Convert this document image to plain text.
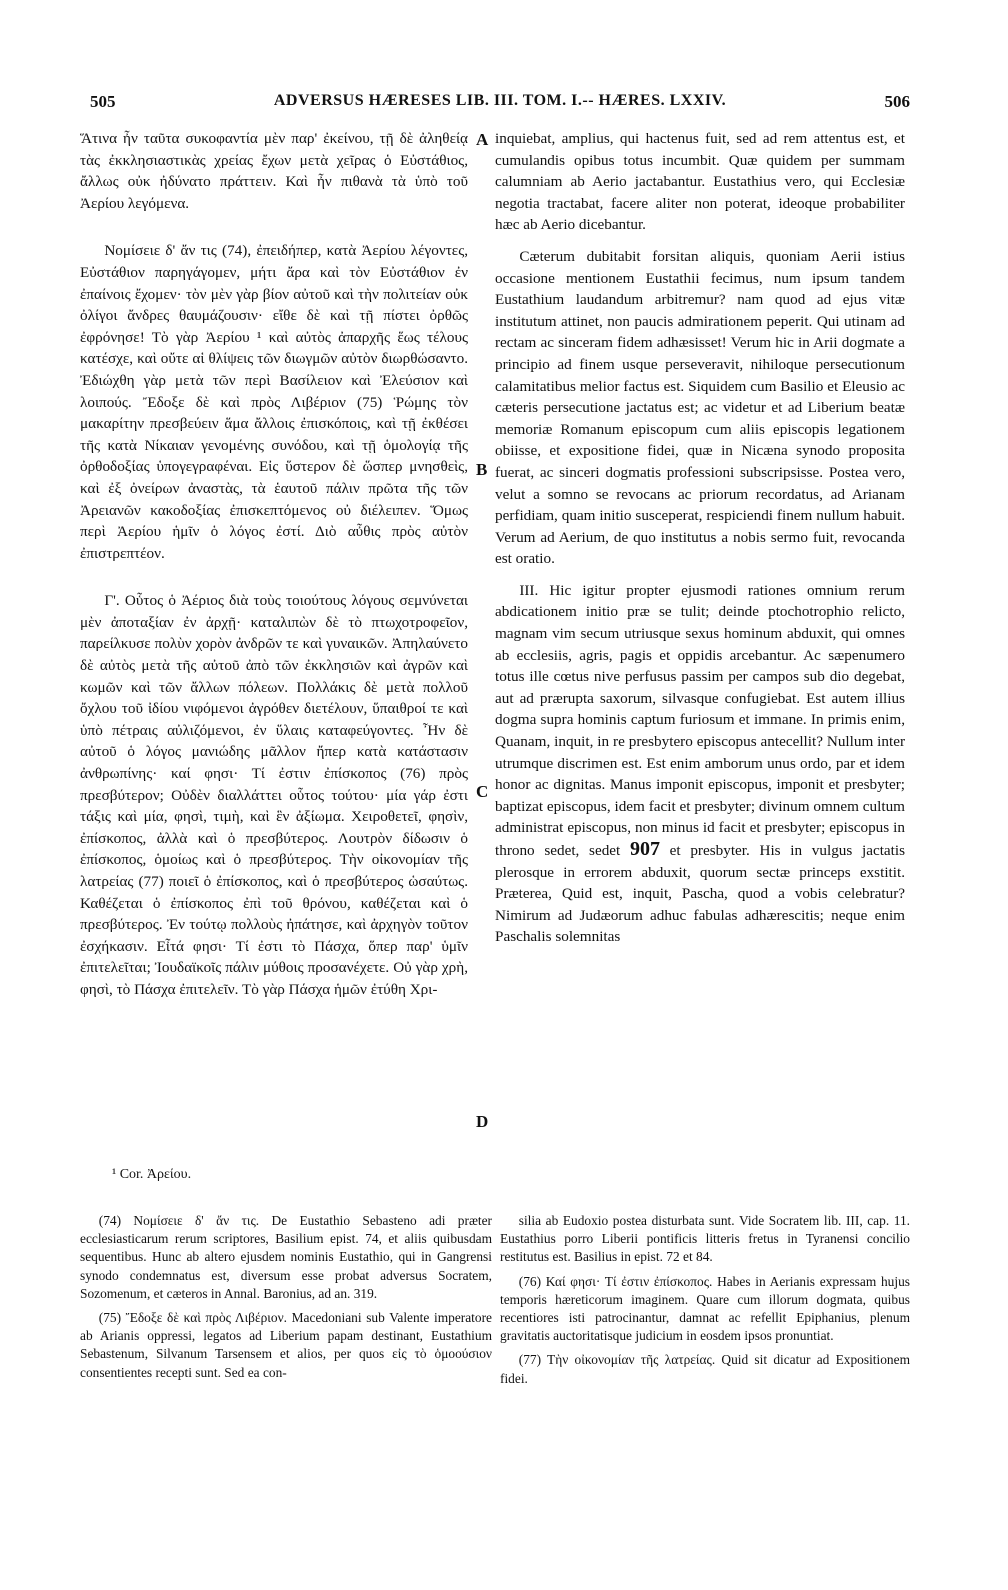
505	ADVERSUS HÆRESES LIB. III. TOM. I.-- HÆRES. LXXIV.	506
A
B
C
D

Ἅτινα ἦν ταῦτα συκοφαντία μὲν παρ' ἐκείνου, τῇ δὲ ἀληθείᾳ τὰς ἐκκλησιαστικὰς χρείας ἔχων μετὰ χεῖρας ὁ Εὐστάθιος, ἄλλως οὐκ ἠδύνατο πράττειν. Καὶ ἦν πιθανὰ τὰ ὑπὸ τοῦ Ἀερίου λεγόμενα.

Νομίσειε δ' ἄν τις (74), ἐπειδήπερ, κατὰ Ἀερίου λέγοντες, Εὐστάθιον παρηγάγομεν, μήτι ἄρα καὶ τὸν Εὐστάθιον ἐν ἐπαίνοις ἔχομεν· τὸν μὲν γὰρ βίον αὐτοῦ καὶ τὴν πολιτείαν οὐκ ὀλίγοι ἄνδρες θαυμάζουσιν· εἴθε δὲ καὶ τῇ πίστει ὀρθῶς ἐφρόνησε! Τὸ γὰρ Ἀερίου ¹ καὶ αὐτὸς ἀπαρχῆς ἕως τέλους κατέσχε, καὶ οὔτε αἱ θλίψεις τῶν διωγμῶν αὐτὸν διωρθώσαντο. Ἐδιώχθη γὰρ μετὰ τῶν περὶ Βασίλειον καὶ Ἐλεύσιον καὶ λοιπούς. Ἔδοξε δὲ καὶ πρὸς Λιβέριον (75) Ῥώμης τὸν μακαρίτην πρεσβεύειν ἅμα ἄλλοις ἐπισκόποις, καὶ τῇ ἐκθέσει τῆς κατὰ Νίκαιαν γενομένης συνόδου, καὶ τῇ ὁμολογίᾳ τῆς ὀρθοδοξίας ὑπογεγραφέναι. Εἰς ὕστερον δὲ ὥσπερ μνησθεὶς, καὶ ἐξ ὀνείρων ἀναστὰς, τὰ ἑαυτοῦ πάλιν πρῶτα τῆς τῶν Ἀρειανῶν κακοδοξίας ἐπισκεπτόμενος οὐ διέλειπεν. Ὅμως περὶ Ἀερίου ἡμῖν ὁ λόγος ἐστί. Διὸ αὖθις πρὸς αὐτὸν ἐπιστρεπτέον.

Γ'. Οὗτος ὁ Ἀέριος διὰ τοὺς τοιούτους λόγους σεμνύνεται μὲν ἀποταξίαν ἐν ἀρχῇ· καταλιπὼν δὲ τὸ πτωχοτροφεῖον, παρείλκυσε πολὺν χορὸν ἀνδρῶν τε καὶ γυναικῶν. Ἀπηλαύνετο δὲ αὐτὸς μετὰ τῆς αὐτοῦ ἀπὸ τῶν ἐκκλησιῶν καὶ ἀγρῶν καὶ κωμῶν καὶ τῶν ἄλλων πόλεων. Πολλάκις δὲ μετὰ πολλοῦ ὄχλου τοῦ ἰδίου νιφόμενοι ἀγρόθεν διετέλουν, ὕπαιθροί τε καὶ ὑπὸ πέτραις αὐλιζόμενοι, ἐν ὕλαις καταφεύγοντες. Ἦν δὲ αὐτοῦ ὁ λόγος μανιώδης μᾶλλον ἤπερ κατὰ κατάστασιν ἀνθρωπίνης· καί φησι· Τί ἐστιν ἐπίσκοπος (76) πρὸς πρεσβύτερον; Οὐδὲν διαλλάττει οὗτος τούτου· μία γάρ ἐστι τάξις καὶ μία, φησὶ, τιμὴ, καὶ ἓν ἀξίωμα. Χειροθετεῖ, φησὶν, ἐπίσκοπος, ἀλλὰ καὶ ὁ πρεσβύτερος. Λουτρὸν δίδωσιν ὁ ἐπίσκοπος, ὁμοίως καὶ ὁ πρεσβύτερος. Τὴν οἰκονομίαν τῆς λατρείας (77) ποιεῖ ὁ ἐπίσκοπος, καὶ ὁ πρεσβύτερος ὡσαύτως. Καθέζεται ὁ ἐπίσκοπος ἐπὶ τοῦ θρόνου, καθέζεται καὶ ὁ πρεσβύτερος. Ἐν τούτῳ πολλοὺς ἠπάτησε, καὶ ἀρχηγὸν τοῦτον ἐσχήκασιν. Εἶτά φησι· Τί ἐστι τὸ Πάσχα, ὅπερ παρ' ὑμῖν ἐπιτελεῖται; Ἰουδαϊκοῖς πάλιν μύθοις προσανέχετε. Οὐ γὰρ χρὴ, φησὶ, τὸ Πάσχα ἐπιτελεῖν. Τὸ γὰρ Πάσχα ἡμῶν ἐτύθη Χρι-

¹ Cor. Ἀρείου.

inquiebat, amplius, qui hactenus fuit, sed ad rem attentus est, et cumulandis opibus totus incumbit. Quæ quidem per summam calumniam ab Aerio jactabantur. Eustathius vero, qui Ecclesiæ negotia tractabat, facere aliter non poterat, ideoque probabiliter hæc ab Aerio dicebantur.

Cæterum dubitabit forsitan aliquis, quoniam Aerii istius occasione mentionem Eustathii fecimus, num ipsum tandem Eustathium laudandum arbitremur? nam quod ad ejus vitæ institutum attinet, non paucis admirationem peperit. Qui utinam ad rectam ac sinceram fidem adhæsisset! Verum hic in Arii dogmate a principio ad finem usque perseveravit, nihiloque persecutionum calamitatibus melior factus est. Siquidem cum Basilio et Eleusio ac cæteris persecutione jactatus est; ac videtur et ad Liberium beatæ memoriæ Romanum episcopum cum aliis episcopis legationem obiisse, et expositione fidei, quæ in Nicæna synodo proposita fuerat, ac sinceri dogmatis professioni subscripsisse. Postea vero, velut a somno se revocans ac priorum recordatus, ad Arianam perfidiam, quam initio susceperat, respiciendi finem nullum habuit. Verum ad Aerium, de quo institutus a nobis sermo fuit, revocanda est oratio.

III. Hic igitur propter ejusmodi rationes omnium rerum abdicationem initio præ se tulit; deinde ptochotrophio relicto, magnam vim secum utriusque sexus hominum abduxit, qui omnes ab ecclesiis, agris, pagis et oppidis arcebantur. Ac sæpenumero totus ille cœtus nive perfusus passim per campos sub dio degebat, aut ad prærupta saxorum, silvasque confugiebat. Est autem illius dogma supra hominis captum furiosum et immane. In primis enim, Quanam, inquit, in re presbytero episcopus antecellit? Nullum inter utrumque discrimen est. Est enim amborum unus ordo, par et idem honor ac dignitas. Manus imponit episcopus, imponit et presbyter; baptizat episcopus, idem facit et presbyter; divinum omnem cultum administrat episcopus, non minus id facit et presbyter; episcopus in throno sedet, sedet 907 et presbyter. His in vulgus jactatis plerosque in errorem abduxit, quorum sectæ princeps exstitit. Præterea, Quid est, inquit, Pascha, quod a vobis celebratur? Nimirum ad Judæorum adhuc fabulas adhærescitis; neque enim Paschalis solemnitas

(74) Νομίσειε δ' ἄν τις. De Eustathio Sebasteno adi præter ecclesiasticarum rerum scriptores, Basilium epist. 74, et aliis quibusdam sequentibus. Hunc ab altero ejusdem nominis Eustathio, qui in Gangrensi synodo condemnatus est, diversum esse probat adversus Socratem, Sozomenum, et cæteros in Annal. Baronius, ad an. 319.

(75) Ἔδοξε δὲ καὶ πρὸς Λιβέριον. Macedoniani sub Valente imperatore ab Arianis oppressi, legatos ad Liberium papam destinant, Eustathium Sebastenum, Silvanum Tarsensem et alios, per quos εἰς τὸ ὁμοούσιον consentientes recepti sunt. Sed ea con-

silia ab Eudoxio postea disturbata sunt. Vide Socratem lib. III, cap. 11. Eustathius porro Liberii pontificis litteris fretus in Tyranensi concilio restitutus est. Basilius in epist. 72 et 84.

(76) Καί φησι· Τί ἐστιν ἐπίσκοπος. Habes in Aerianis expressam hujus temporis hæreticorum imaginem. Quare cum illorum dogmata, quibus recentiores isti patrocinantur, damnat ac refellit Epiphanius, plenum gravitatis auctoritatisque judicium in eosdem ipsos pronuntiat.

(77) Τὴν οἰκονομίαν τῆς λατρείας. Quid sit dicatur ad Expositionem fidei.
